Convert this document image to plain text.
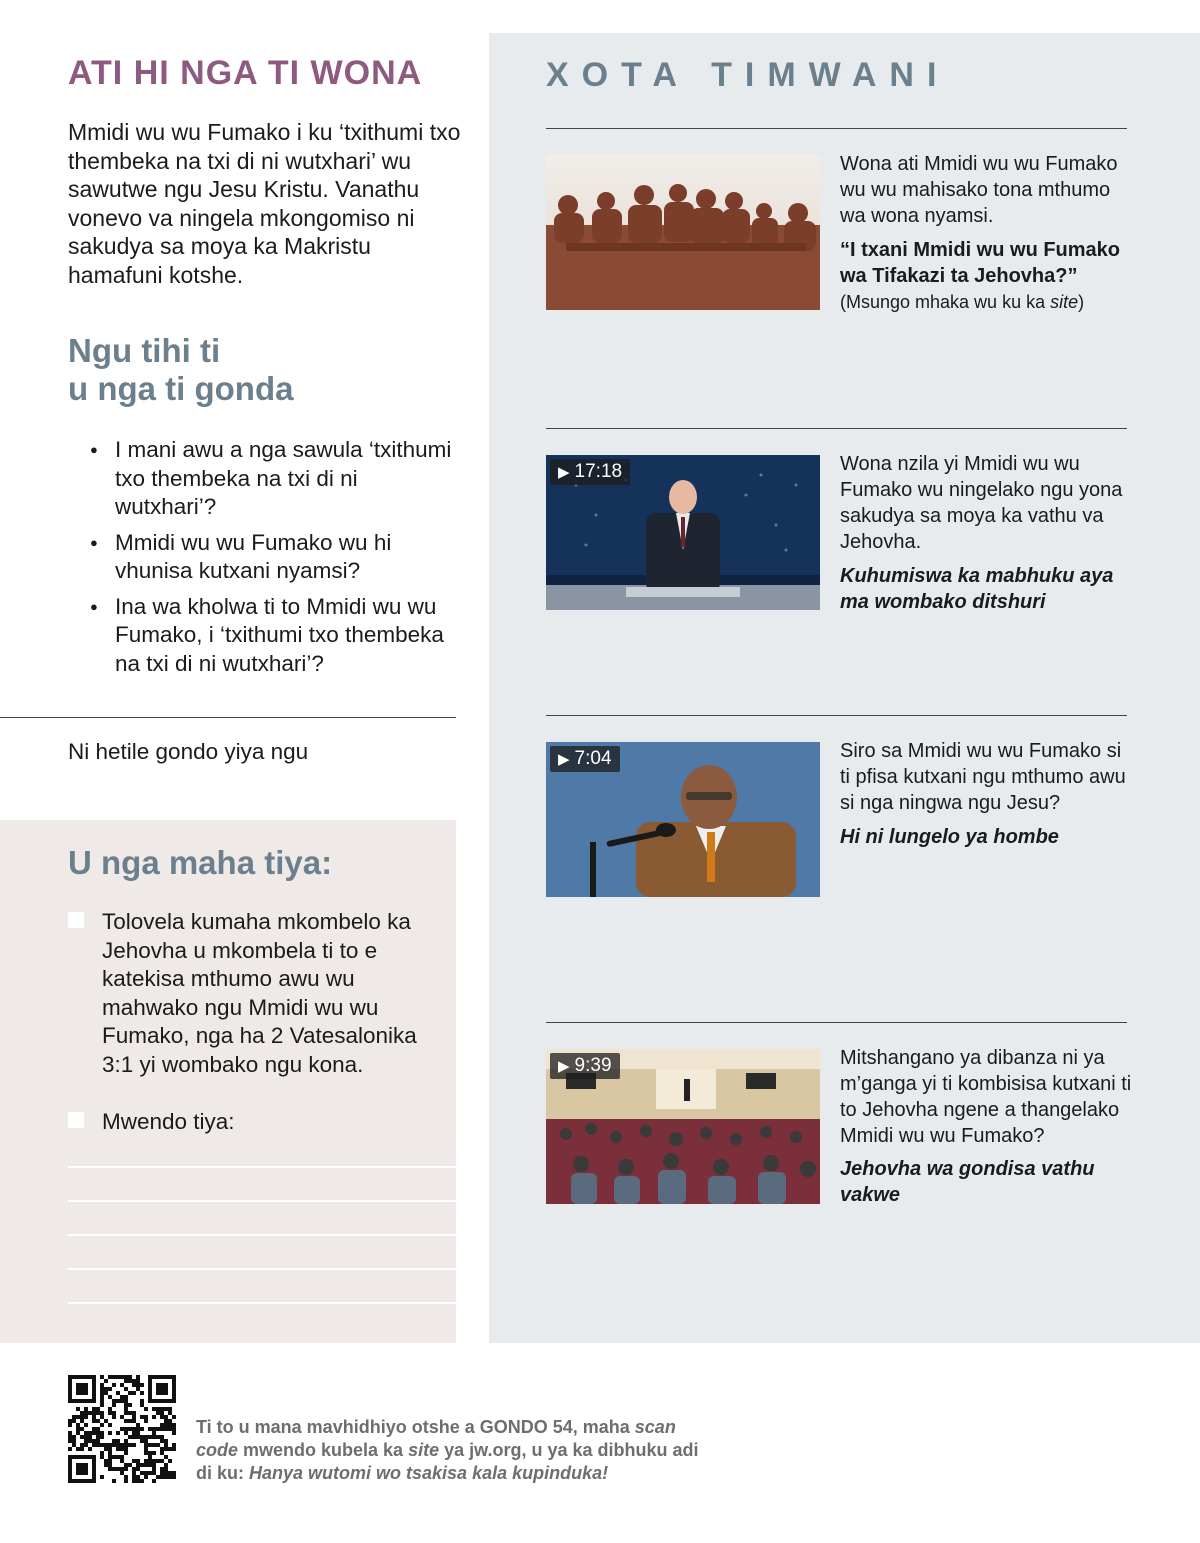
ATI HI NGA TI WONA

Mmidi wu wu Fumako i ku ‘txithumi txo thembeka na txi di ni wutxhari’ wu sawutwe ngu Jesu Kristu. Vanathu vonevo va ningela mkongomiso ni sakudya sa moya ka Makristu hamafuni kotshe.

Ngu tihi ti
u nga ti gonda
● I mani awu a nga sawula ‘txithumi txo thembeka na txi di ni wutxhari’?
● Mmidi wu wu Fumako wu hi vhunisa kutxani nyamsi?
● Ina wa kholwa ti to Mmidi wu wu Fumako, i ‘txithumi txo thembeka na txi di ni wutxhari’?

Ni hetile gondo yiya ngu

U nga maha tiya:
Tolovela kumaha mkombelo ka Jehovha u mkombela ti to e katekisa mthumo awu wu mahwako ngu Mmidi wu wu Fumako, nga ha 2 Vatesalonika 3:1 yi wombako ngu kona.
Mwendo tiya:
XOTA TIMWANI

Wona ati Mmidi wu wu Fumako wu wu mahisako tona mthumo wa wona nyamsi.

“I txani Mmidi wu wu Fumako wa Tifakazi ta Jehovha?”
(Msungo mhaka wu ku ka site)

▶ 17:18	Wona nzila yi Mmidi wu wu Fumako wu ningelako ngu yona sakudya sa moya ka vathu va Jehovha.

Kuhumiswa ka mabhuku aya ma wombako ditshuri

▶ 7:04	Siro sa Mmidi wu wu Fumako si ti pfisa kutxani ngu mthumo awu si nga ningwa ngu Jesu?

Hi ni lungelo ya hombe

▶ 9:39	Mitshangano ya dibanza ni ya m’ganga yi ti kombisisa kutxani ti to Jehovha ngene a thangelako Mmidi wu wu Fumako?

Jehovha wa gondisa vathu vakwe

Ti to u mana mavhidhiyo otshe a GONDO 54, maha scan code mwendo kubela ka site ya jw.org, u ya ka dibhuku adi di ku: Hanya wutomi wo tsakisa kala kupinduka!
